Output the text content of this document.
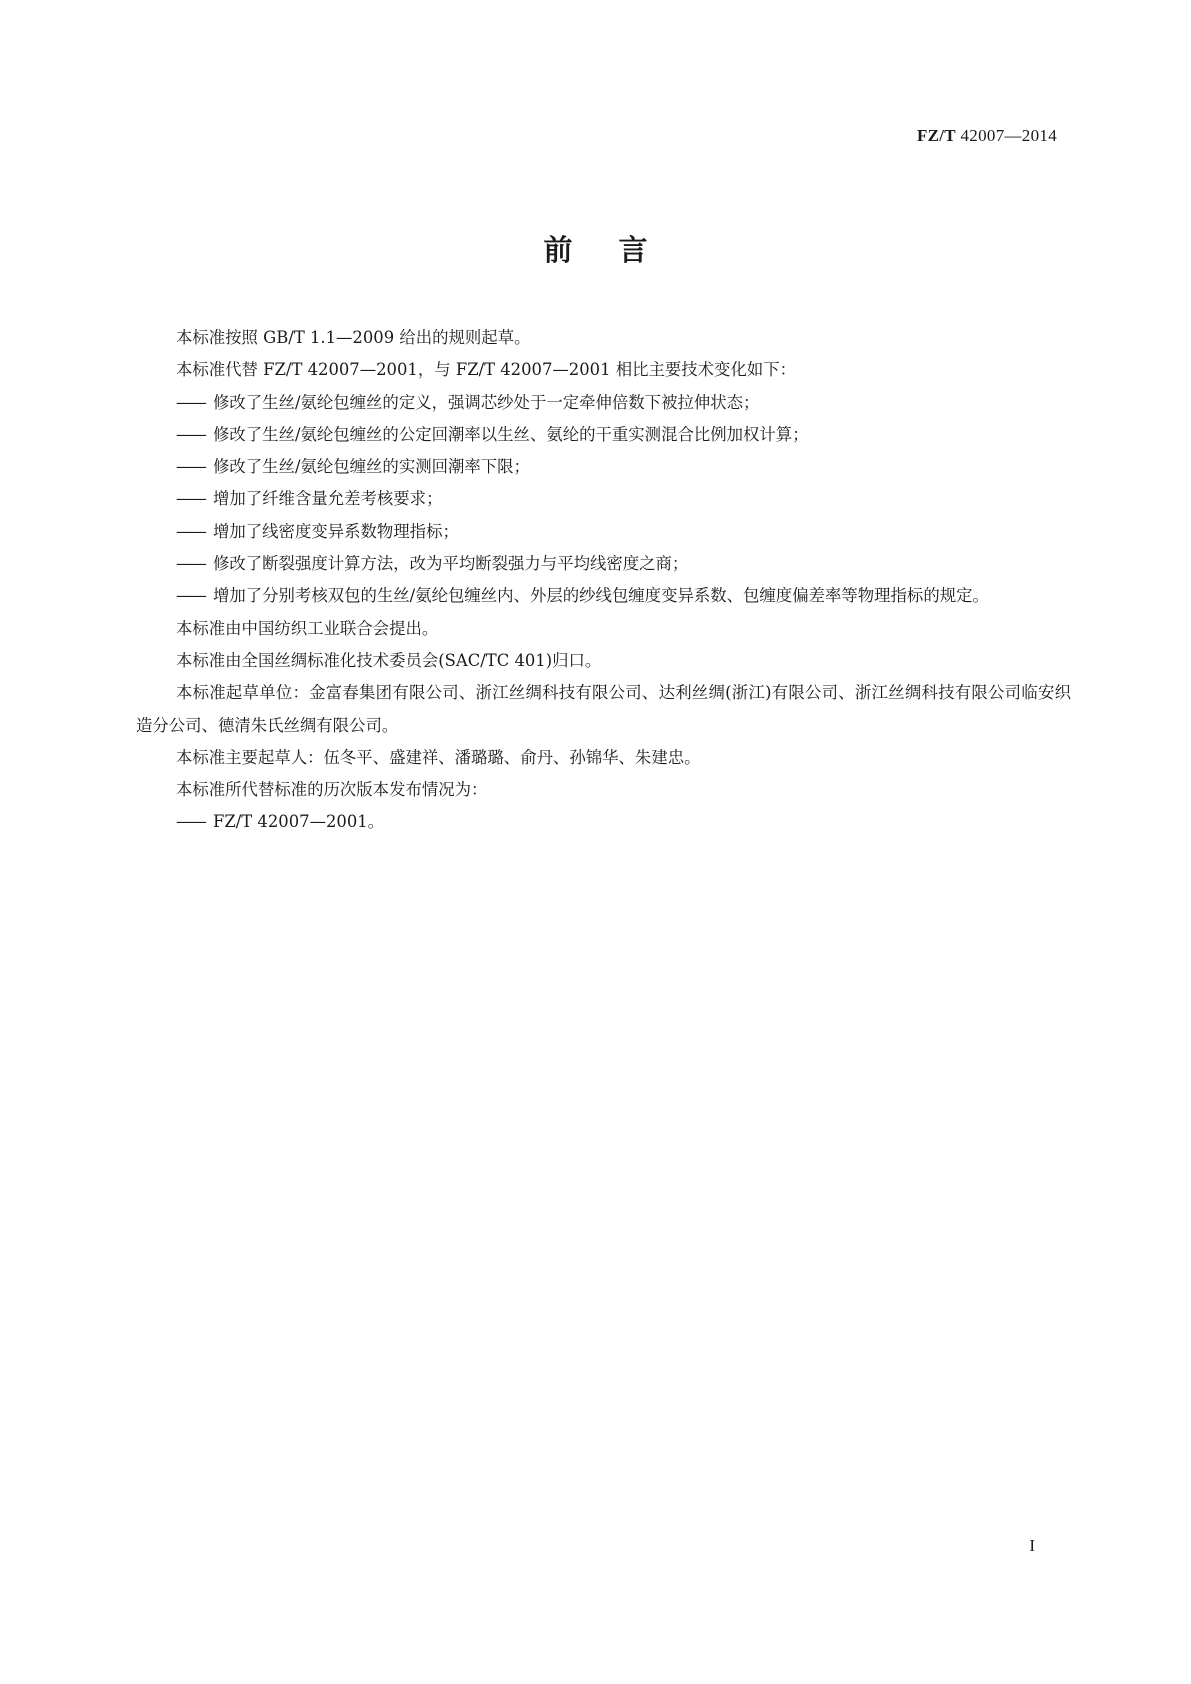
FZ/T 42007—2014
前言

本标准按照 GB/T 1.1—2009 给出的规则起草。

本标准代替 FZ/T 42007—2001，与 FZ/T 42007—2001 相比主要技术变化如下：

—— 修改了生丝/氨纶包缠丝的定义，强调芯纱处于一定牵伸倍数下被拉伸状态；

—— 修改了生丝/氨纶包缠丝的公定回潮率以生丝、氨纶的干重实测混合比例加权计算；

—— 修改了生丝/氨纶包缠丝的实测回潮率下限；

—— 增加了纤维含量允差考核要求；

—— 增加了线密度变异系数物理指标；

—— 修改了断裂强度计算方法，改为平均断裂强力与平均线密度之商；

—— 增加了分别考核双包的生丝/氨纶包缠丝内、外层的纱线包缠度变异系数、包缠度偏差率等物理指标的规定。

本标准由中国纺织工业联合会提出。

本标准由全国丝绸标准化技术委员会(SAC/TC 401)归口。

本标准起草单位：金富春集团有限公司、浙江丝绸科技有限公司、达利丝绸(浙江)有限公司、浙江丝绸科技有限公司临安织造分公司、德清朱氏丝绸有限公司。

本标准主要起草人：伍冬平、盛建祥、潘璐璐、俞丹、孙锦华、朱建忠。

本标准所代替标准的历次版本发布情况为：

—— FZ/T 42007—2001。

I
